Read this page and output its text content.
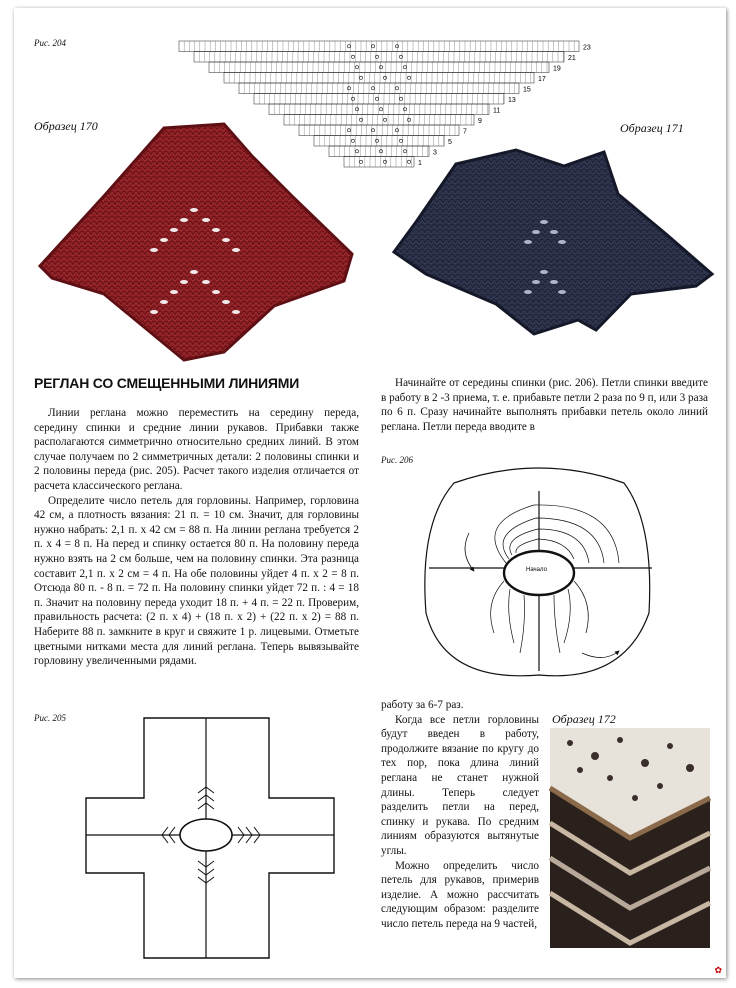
Рис. 204	23
21
19
17
15
13
11
9
7
5
3
1
Образец 170	Образец 171
РЕГЛАН СО СМЕЩЕННЫМИ ЛИНИЯМИ

Линии реглана можно переместить на середину переда, середину спинки и средние линии рукавов. Прибавки также располагаются симметрично относительно средних линий. В этом случае получаем по 2 симметричных детали: 2 половины спинки и 2 половины переда (рис. 205). Расчет такого изделия отличается от расчета классического реглана.

Определите число петель для горловины. Например, горловина 42 см, а плотность вязания: 21 п. = 10 см. Значит, для горловины нужно набрать: 2,1 п. х 42 см = 88 п. На линии реглана требуется 2 п. х 4 = 8 п. На перед и спинку остается 80 п. На половину переда нужно взять на 2 см больше, чем на половину спинки. Эта разница составит 2,1 п. х 2 см = 4 п. На обе половины уйдет 4 п. х 2 = 8 п. Отсюда 80 п. - 8 п. = 72 п. На половину спинки уйдет 72 п. : 4 = 18 п. Значит на половину переда уходит 18 п. + 4 п. = 22 п. Проверим, правильность расчета: (2 п. х 4) + (18 п. х 2) + (22 п. х 2) = 88 п. Наберите 88 п. замкните в круг и свяжите 1 р. лицевыми. Отметьте цветными нитками места для линий реглана. Теперь вывязывайте горловину увеличенными рядами.

Начинайте от середины спинки (рис. 206). Петли спинки введите в работу в 2 -3 приема, т. е. прибавьте петли 2 раза по 9 п, или 3 раза по 6 п. Сразу начинайте выполнять прибавки петель около линий реглана. Петли переда вводите в

Рис. 206
Начало
Рис. 205
работу за 6-7 раз.

Когда все петли горловины будут введен в работу, продолжите вязание по кругу до тех пор, пока длина линий реглана не станет нужной длины. Теперь следует разделить петли на перед, спинку и рукава. По средним линиям образуются вытянутые углы.

Можно определить число петель для рукавов, примерив изделие. А можно рассчитать следующим образом: разделите число петель переда на 9 частей,

Образец 172
✿
